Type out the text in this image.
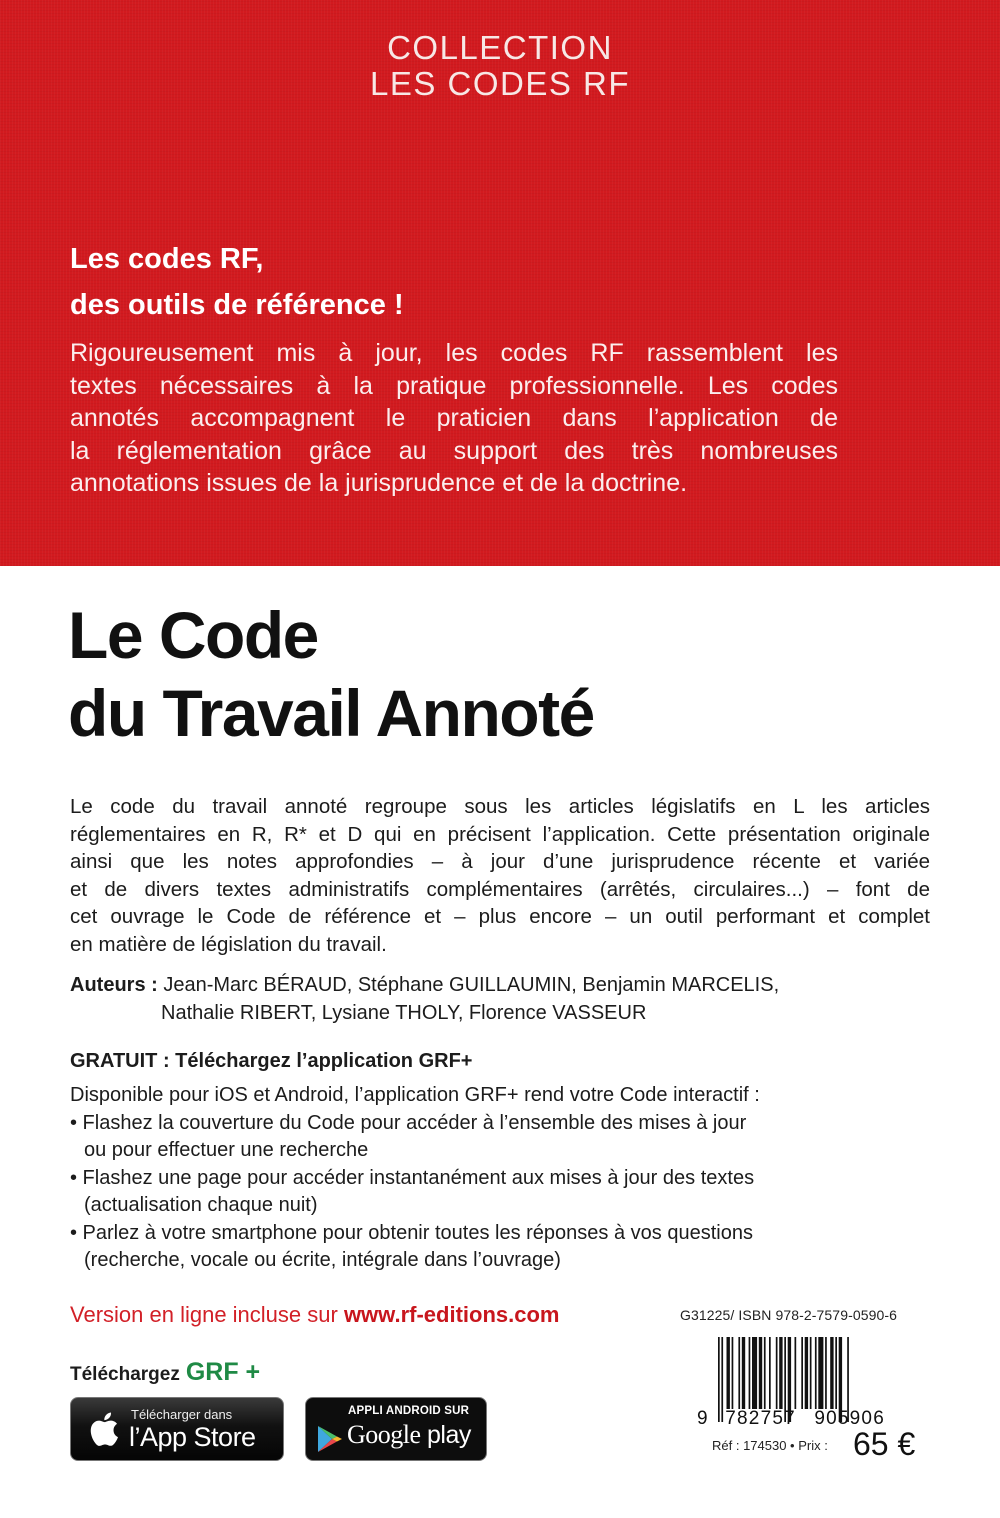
COLLECTION
LES CODES RF
Les codes RF,
des outils de référence !
Rigoureusement mis à jour, les codes RF rassemblent les
textes nécessaires à la pratique professionnelle. Les codes
annotés accompagnent le praticien dans l’application de
la réglementation grâce au support des très nombreuses
annotations issues de la jurisprudence et de la doctrine.
Le Code
du Travail Annoté
Le code du travail annoté regroupe sous les articles législatifs en L les articles
réglementaires en R, R* et D qui en précisent l’application. Cette présentation originale
ainsi que les notes approfondies – à jour d’une jurisprudence récente et variée
et de divers textes administratifs complémentaires (arrêtés, circulaires...) – font de
cet ouvrage le Code de référence et – plus encore – un outil performant et complet
en matière de législation du travail.
Auteurs : Jean-Marc BÉRAUD, Stéphane GUILLAUMIN, Benjamin MARCELIS,
Nathalie RIBERT, Lysiane THOLY, Florence VASSEUR
GRATUIT : Téléchargez l’application GRF+
Disponible pour iOS et Android, l’application GRF+ rend votre Code interactif :
• Flashez la couverture du Code pour accéder à l’ensemble des mises à jour
ou pour effectuer une recherche
• Flashez une page pour accéder instantanément aux mises à jour des textes
(actualisation chaque nuit)
• Parlez à votre smartphone pour obtenir toutes les réponses à vos questions
(recherche, vocale ou écrite, intégrale dans l’ouvrage)
Version en ligne incluse sur www.rf-editions.com
Téléchargez GRF +
Télécharger dans
l’App Store
APPLI ANDROID SUR
Google play
G31225/ ISBN 978-2-7579-0590-6
9 782757 905906
Réf : 174530 • Prix : 65 €
